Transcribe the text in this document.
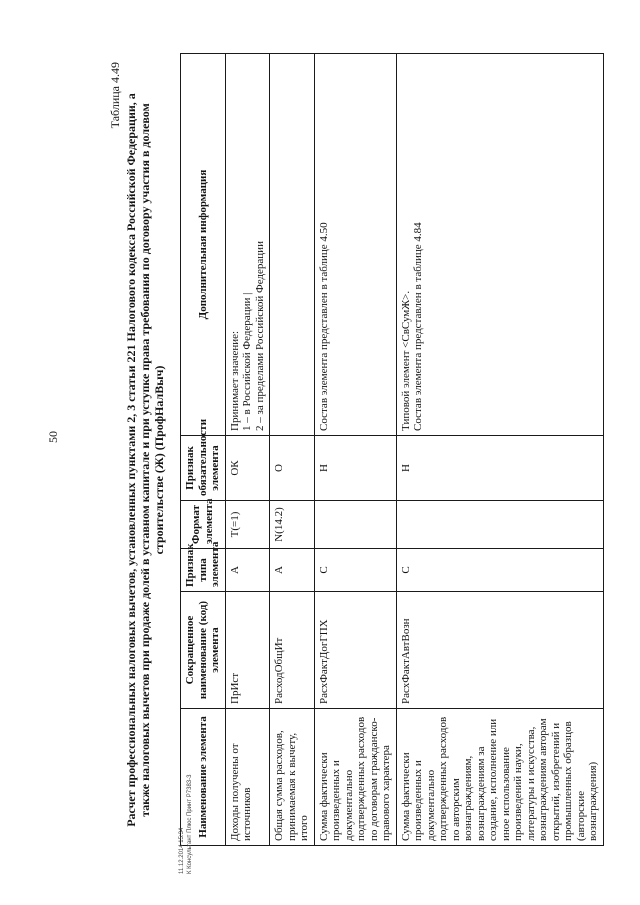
50
Таблица 4.49 Расчет профессиональных налоговых вычетов, установленных пунктами 2, 3 статьи 221 Налогового кодекса Российской Федерации, а также налоговых вычетов при продаже долей в уставном капитале и при уступке права требования по договору участия в долевом строительстве (Ж) (ПрофНалВыч)
Наименование элемента	Сокращенное наименование (код) элемента	Признак типа элемента	Формат элемента	Признак обязательности элемента	Дополнительная информация
Доходы получены от источников	ПрИст	А	T(=1)	ОК	Принимает значение:
1 – в Российской Федерации |
2 – за пределами Российской Федерации
Общая сумма расходов, принимаемая к вычету, итого	РасходОбщИт	А	N(14.2)	О	
Сумма фактически произведенных и документально подтвержденных расходов по договорам гражданско-правового характера	РасхФактДогГПХ	С		Н	Состав элемента представлен в таблице 4.50
Сумма фактически произведенных и документально подтвержденных расходов по авторским вознаграждениям, вознаграждениям за создание, исполнение или иное использование произведений науки, литературы и искусства, вознаграждениям авторам открытий, изобретений и промышленных образцов (авторские вознаграждения)	РасхФактАвтВозн	С		Н	Типовой элемент <СвСумЖ>.
Состав элемента представлен в таблице 4.84
11.12.2014 15:34 К Консультант Плюс Принт Р7383-3
